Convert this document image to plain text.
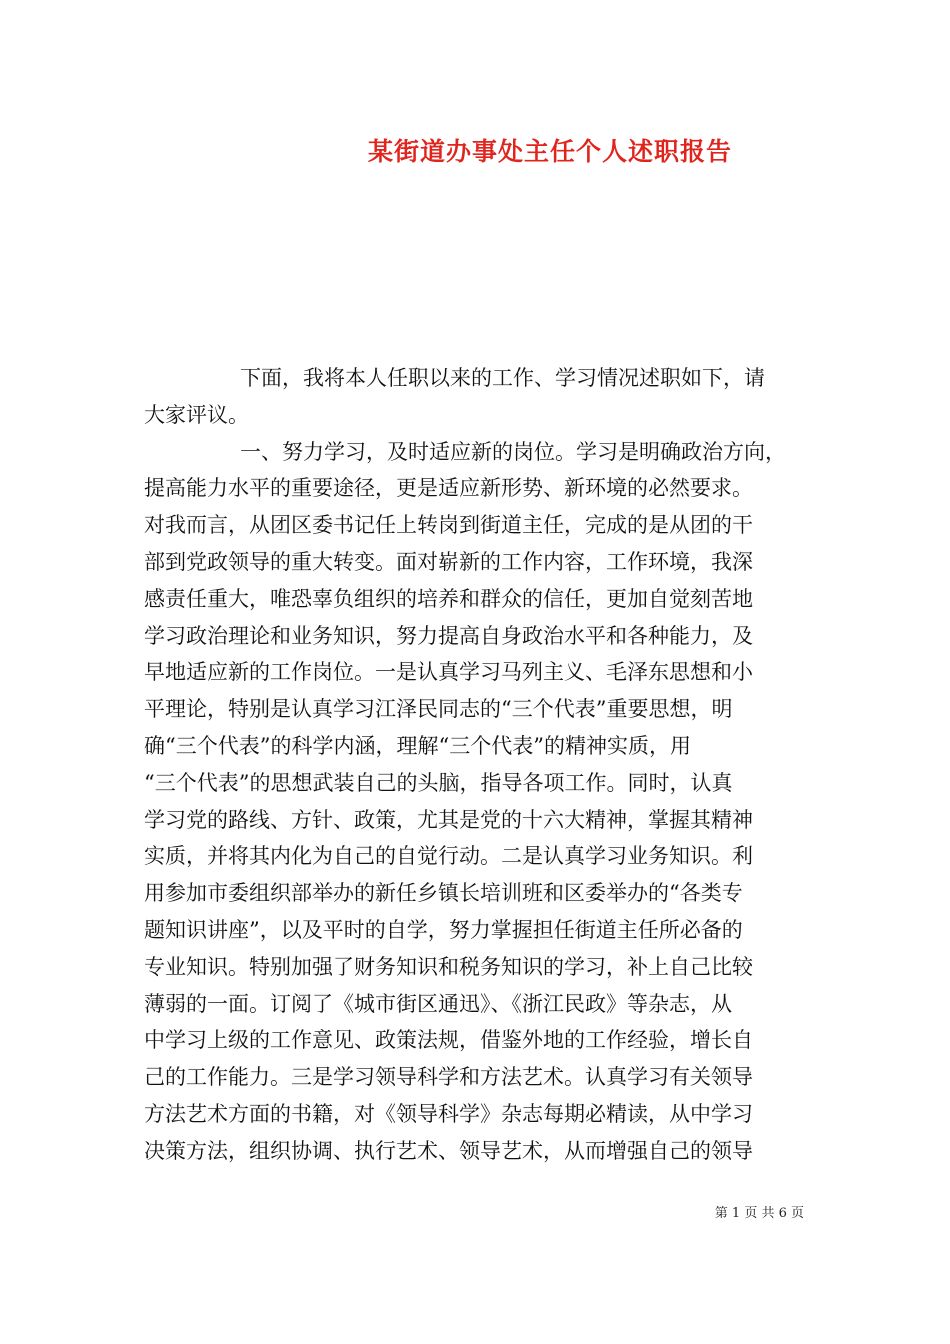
某街道办事处主任个人述职报告
下面，我将本人任职以来的工作、学习情况述职如下，请
大家评议。
一、努力学习，及时适应新的岗位。学习是明确政治方向，
提高能力水平的重要途径，更是适应新形势、新环境的必然要求。
对我而言，从团区委书记任上转岗到街道主任，完成的是从团的干
部到党政领导的重大转变。面对崭新的工作内容，工作环境，我深
感责任重大，唯恐辜负组织的培养和群众的信任，更加自觉刻苦地
学习政治理论和业务知识，努力提高自身政治水平和各种能力，及
早地适应新的工作岗位。一是认真学习马列主义、毛泽东思想和小
平理论，特别是认真学习江泽民同志的“三个代表”重要思想，明
确“三个代表”的科学内涵，理解“三个代表”的精神实质，用
“三个代表”的思想武装自己的头脑，指导各项工作。同时，认真
学习党的路线、方针、政策，尤其是党的十六大精神，掌握其精神
实质，并将其内化为自己的自觉行动。二是认真学习业务知识。利
用参加市委组织部举办的新任乡镇长培训班和区委举办的“各类专
题知识讲座”，以及平时的自学，努力掌握担任街道主任所必备的
专业知识。特别加强了财务知识和税务知识的学习，补上自己比较
薄弱的一面。订阅了《城市街区通迅》、《浙江民政》等杂志，从
中学习上级的工作意见、政策法规，借鉴外地的工作经验，增长自
己的工作能力。三是学习领导科学和方法艺术。认真学习有关领导
方法艺术方面的书籍，对《领导科学》杂志每期必精读，从中学习
决策方法，组织协调、执行艺术、领导艺术，从而增强自己的领导
第 1 页 共 6 页
